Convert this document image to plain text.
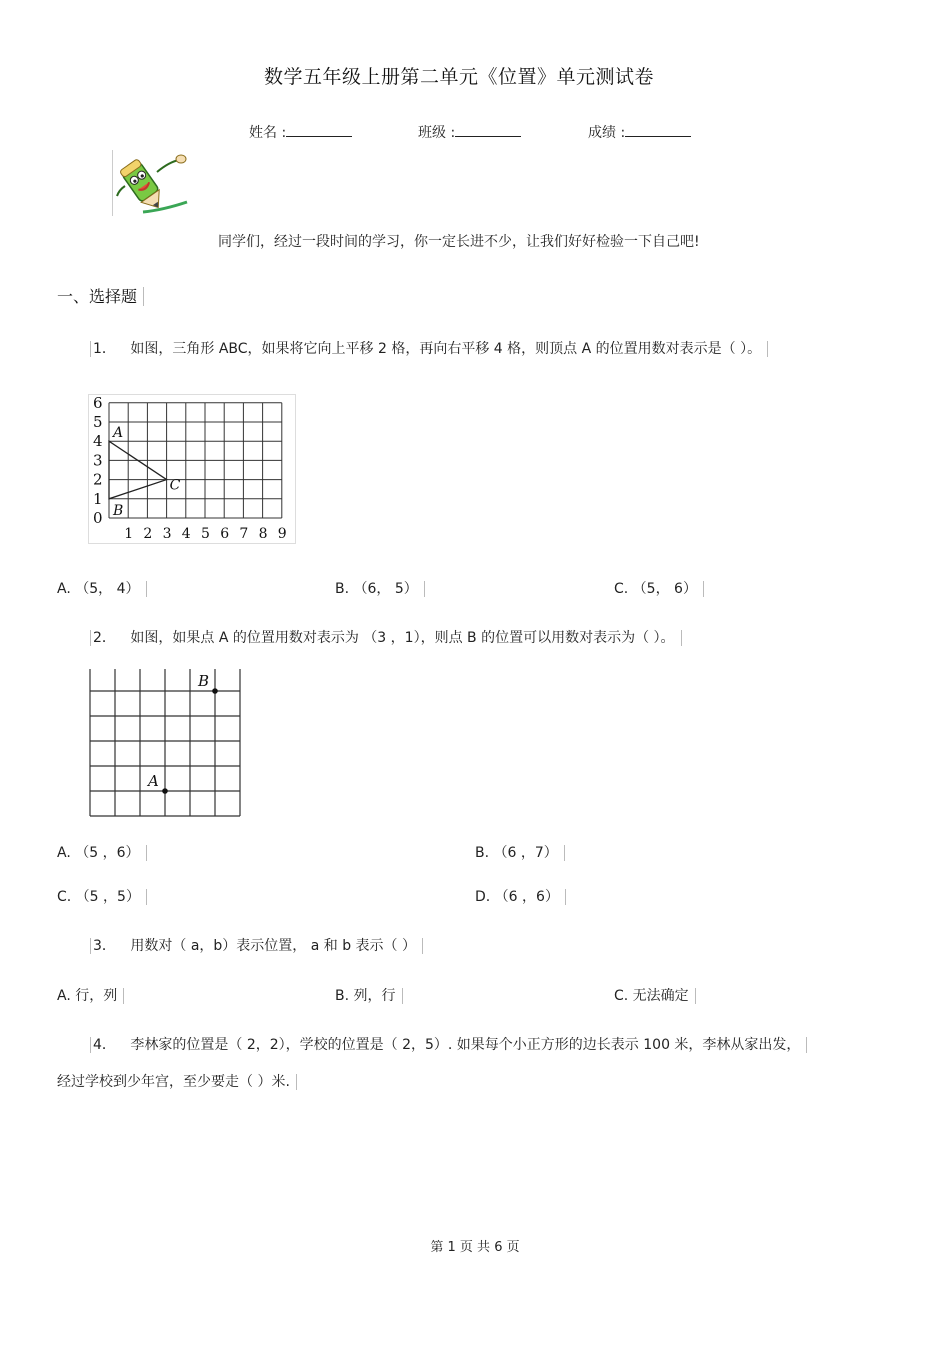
数学五年级上册第二单元《位置》单元测试卷
姓名 :	班级 :	成绩 :
同学们，经过一段时间的学习，你一定长进不少，让我们好好检验一下自己吧!
一、选择题
1． 如图，三角形 ABC，如果将它向上平移 2 格，再向右平移 4 格，则顶点 A 的位置用数对表示是（ ）。
0
1
2
3
4
5
6
1 2 3 4 5 6 7 8 9
A
B
C
A. （5， 4）	B. （6， 5）	C. （5， 6）
2． 如图，如果点 A 的位置用数对表示为 （3 ，1），则点 B 的位置可以用数对表示为（ ）。
B
A
A. （5 ，6）	B. （6 ，7）
C. （5 ，5）	D. （6 ，6）
3． 用数对（ a，b）表示位置， a 和 b 表示（ ）
A. 行，列	B. 列，行	C. 无法确定
4． 李林家的位置是（ 2，2），学校的位置是（ 2，5）. 如果每个小正方形的边长表示 100 米，李林从家出发，
经过学校到少年宫，至少要走（ ）米.
第 1 页 共 6 页
